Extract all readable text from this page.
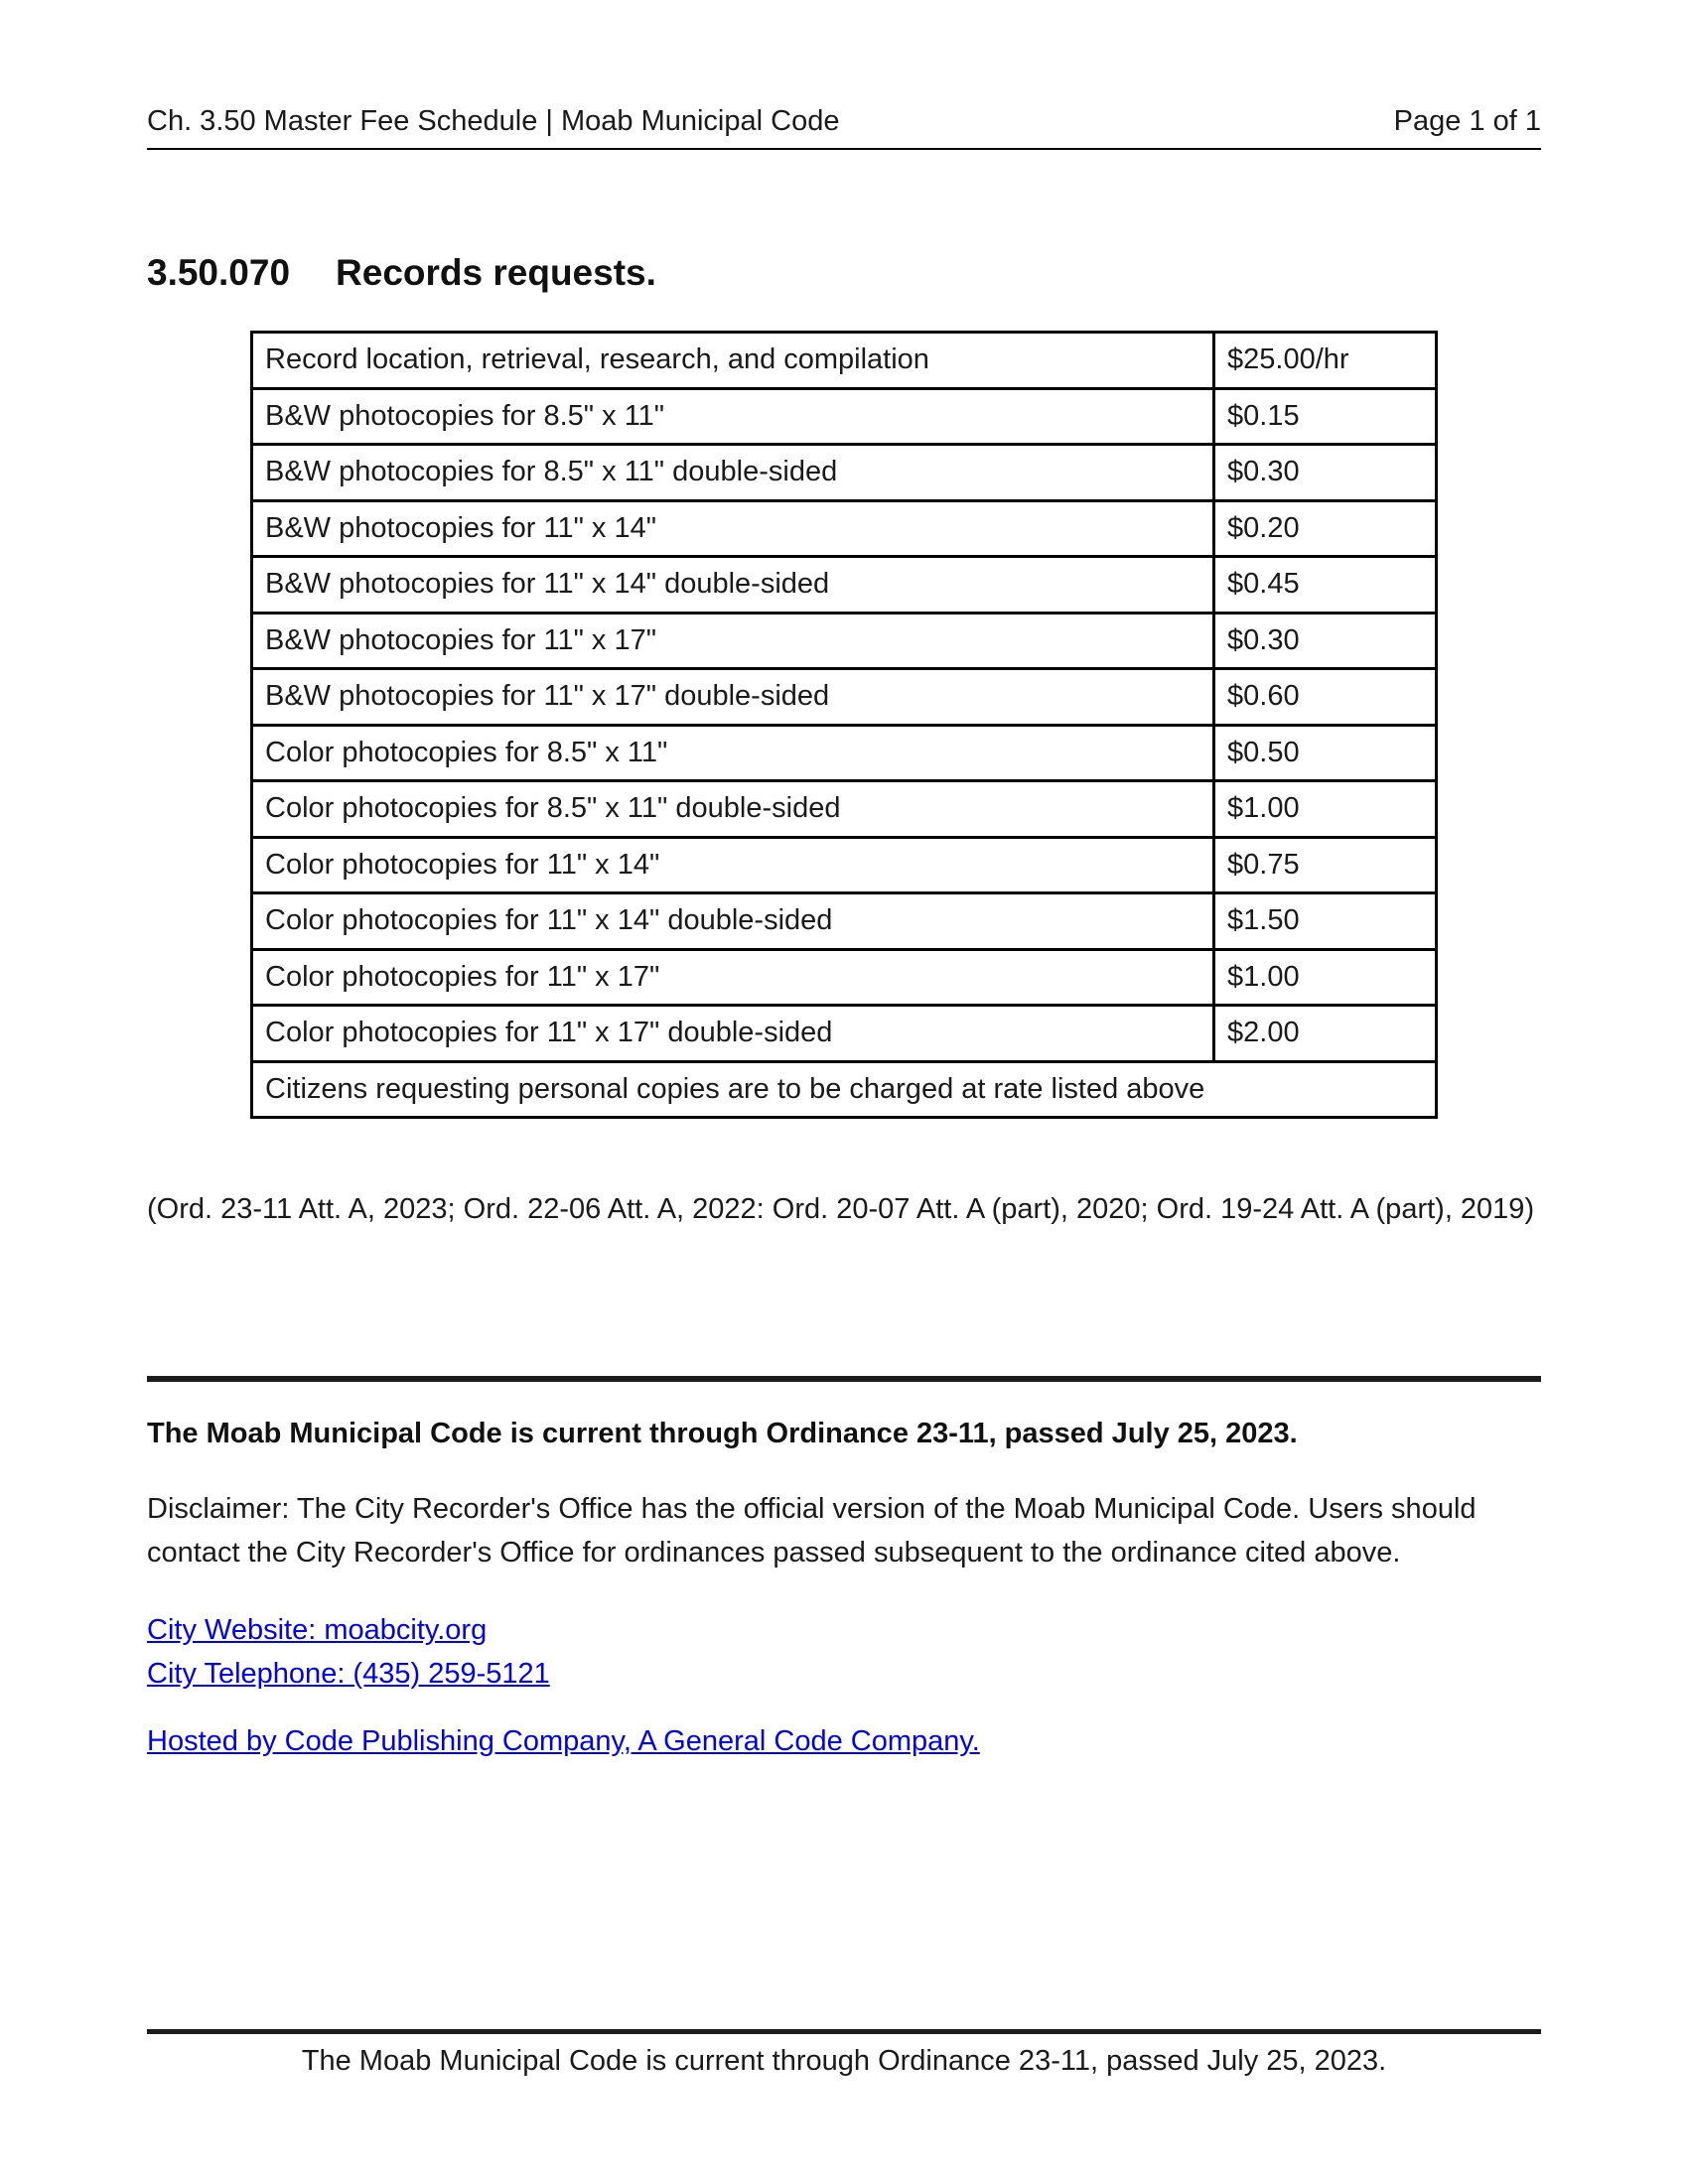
Ch. 3.50 Master Fee Schedule | Moab Municipal Code	Page 1 of 1
3.50.070 Records requests.
Record location, retrieval, research, and compilation	$25.00/hr
B&W photocopies for 8.5" x 11"	$0.15
B&W photocopies for 8.5" x 11" double-sided	$0.30
B&W photocopies for 11" x 14"	$0.20
B&W photocopies for 11" x 14" double-sided	$0.45
B&W photocopies for 11" x 17"	$0.30
B&W photocopies for 11" x 17" double-sided	$0.60
Color photocopies for 8.5" x 11"	$0.50
Color photocopies for 8.5" x 11" double-sided	$1.00
Color photocopies for 11" x 14"	$0.75
Color photocopies for 11" x 14" double-sided	$1.50
Color photocopies for 11" x 17"	$1.00
Color photocopies for 11" x 17" double-sided	$2.00
Citizens requesting personal copies are to be charged at rate listed above	
(Ord. 23-11 Att. A, 2023; Ord. 22-06 Att. A, 2022: Ord. 20-07 Att. A (part), 2020; Ord. 19-24 Att. A (part), 2019)
The Moab Municipal Code is current through Ordinance 23-11, passed July 25, 2023.
Disclaimer: The City Recorder's Office has the official version of the Moab Municipal Code. Users should contact the City Recorder's Office for ordinances passed subsequent to the ordinance cited above.
City Website: moabcity.org
City Telephone: (435) 259-5121
Hosted by Code Publishing Company, A General Code Company.
The Moab Municipal Code is current through Ordinance 23-11, passed July 25, 2023.
